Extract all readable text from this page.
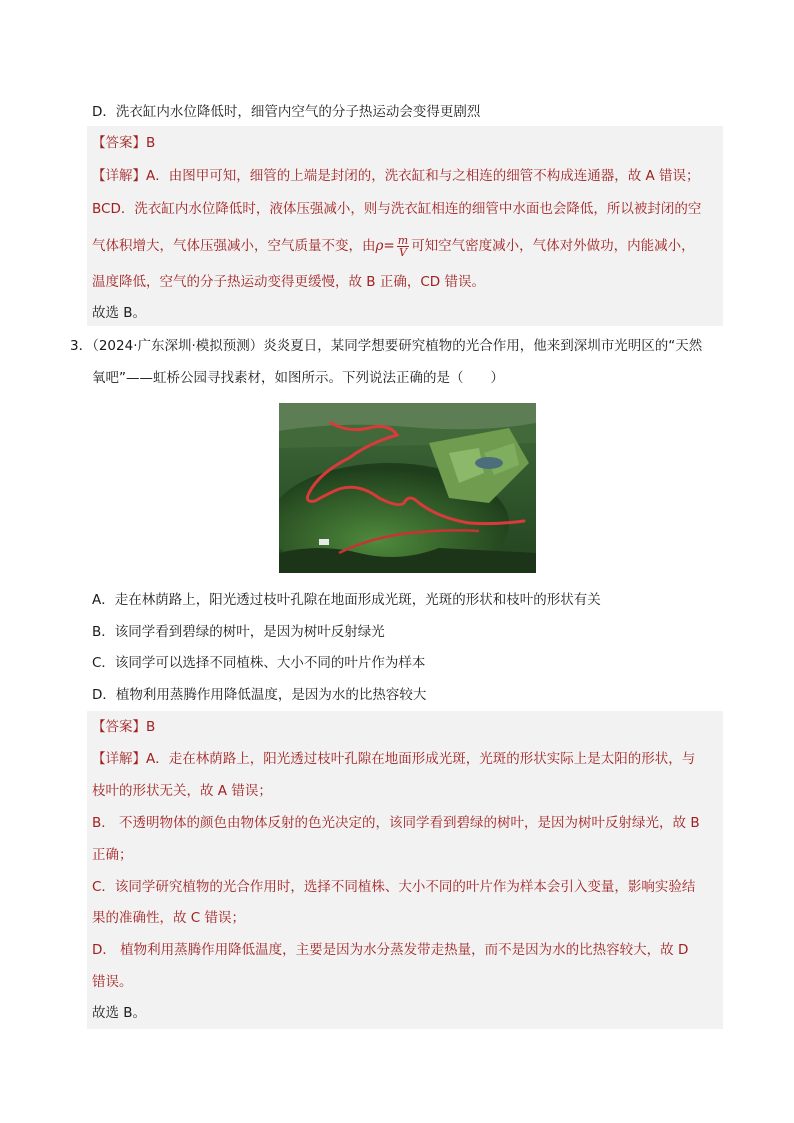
D．洗衣缸内水位降低时，细管内空气的分子热运动会变得更剧烈
【答案】B
【详解】A．由图甲可知，细管的上端是封闭的，洗衣缸和与之相连的细管不构成连通器，故 A 错误；
BCD．洗衣缸内水位降低时，液体压强减小，则与洗衣缸相连的细管中水面也会降低，所以被封闭的空
气体积增大，气体压强减小，空气质量不变，由$\rho= \frac{m}{V}$ 可知空气密度减小，气体对外做功，内能减小，
温度降低，空气的分子热运动变得更缓慢，故 B 正确，CD 错误。
故选 B。
3．（2024·广东深圳·模拟预测）炎炎夏日，某同学想要研究植物的光合作用，他来到深圳市光明区的“天然
氧吧”——虹桥公园寻找素材，如图所示。下列说法正确的是（　　）
A．走在林荫路上，阳光透过枝叶孔隙在地面形成光斑，光斑的形状和枝叶的形状有关
B．该同学看到碧绿的树叶，是因为树叶反射绿光
C．该同学可以选择不同植株、大小不同的叶片作为样本
D．植物利用蒸腾作用降低温度，是因为水的比热容较大
【答案】B
【详解】A．走在林荫路上，阳光透过枝叶孔隙在地面形成光斑，光斑的形状实际上是太阳的形状，与
枝叶的形状无关，故 A 错误；
B． 不透明物体的颜色由物体反射的色光决定的，该同学看到碧绿的树叶，是因为树叶反射绿光，故 B
正确；
C．该同学研究植物的光合作用时，选择不同植株、大小不同的叶片作为样本会引入变量，影响实验结
果的准确性，故 C 错误；
D． 植物利用蒸腾作用降低温度，主要是因为水分蒸发带走热量，而不是因为水的比热容较大，故 D
错误。
故选 B。
